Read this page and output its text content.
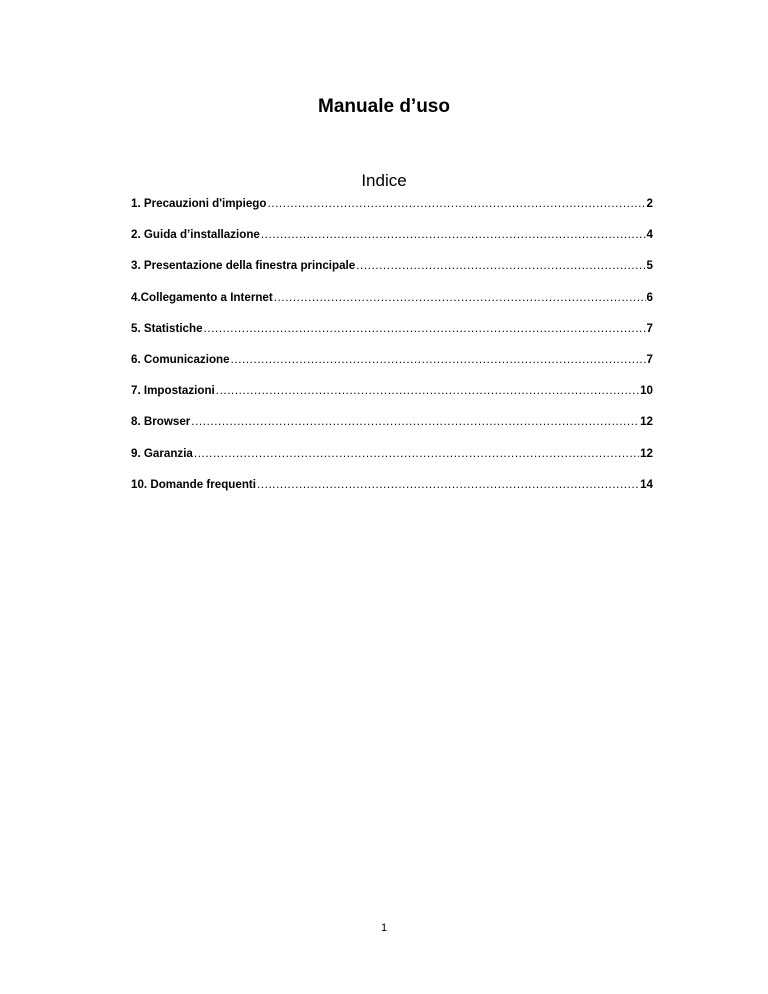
Manuale d’uso
Indice
1. Precauzioni d'impiego .....	2
2. Guida d’installazione .....	4
3. Presentazione della finestra principale .....	5
4.Collegamento a Internet .....	6
5. Statistiche .....	7
6. Comunicazione .....	7
7. Impostazioni .....	10
8. Browser .....	12
9. Garanzia .....	12
10. Domande frequenti .....	14
1
